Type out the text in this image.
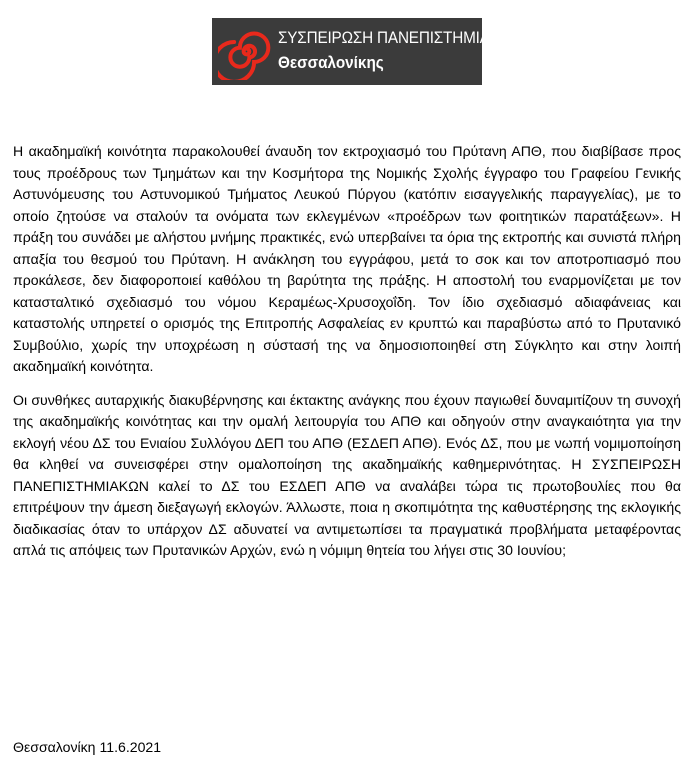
ΣΥΣΠΕΙΡΩΣΗ ΠΑΝΕΠΙΣΤΗΜΙΑΚΩΝ
Θεσσαλονίκης

Η ακαδημαϊκή κοινότητα παρακολουθεί άναυδη τον εκτροχιασμό του Πρύτανη ΑΠΘ, που διαβίβασε προς τους προέδρους των Τμημάτων και την Κοσμήτορα της Νομικής Σχολής έγγραφο του Γραφείου Γενικής Αστυνόμευσης του Αστυνομικού Τμήματος Λευκού Πύργου (κατόπιν εισαγγελικής παραγγελίας), με το οποίο ζητούσε να σταλούν τα ονόματα των εκλεγμένων «προέδρων των φοιτητικών παρατάξεων». Η πράξη του συνάδει με αλήστου μνήμης πρακτικές, ενώ υπερβαίνει τα όρια της εκτροπής και συνιστά πλήρη απαξία του θεσμού του Πρύτανη. Η ανάκληση του εγγράφου, μετά το σοκ και τον αποτροπιασμό που προκάλεσε, δεν διαφοροποιεί καθόλου τη βαρύτητα της πράξης. Η αποστολή του εναρμονίζεται με τον κατασταλτικό σχεδιασμό του νόμου Κεραμέως-Χρυσοχοΐδη. Τον ίδιο σχεδιασμό αδιαφάνειας και καταστολής υπηρετεί ο ορισμός της Επιτροπής Ασφαλείας εν κρυπτώ και παραβύστω από το Πρυτανικό Συμβούλιο, χωρίς την υποχρέωση η σύστασή της να δημοσιοποιηθεί στη Σύγκλητο και στην λοιπή ακαδημαϊκή κοινότητα.

Οι συνθήκες αυταρχικής διακυβέρνησης και έκτακτης ανάγκης που έχουν παγιωθεί δυναμιτίζουν τη συνοχή της ακαδημαϊκής κοινότητας και την ομαλή λειτουργία του ΑΠΘ και οδηγούν στην αναγκαιότητα για την εκλογή νέου ΔΣ του Ενιαίου Συλλόγου ΔΕΠ του ΑΠΘ (ΕΣΔΕΠ ΑΠΘ). Ενός ΔΣ, που με νωπή νομιμοποίηση θα κληθεί να συνεισφέρει στην ομαλοποίηση της ακαδημαϊκής καθημερινότητας. Η ΣΥΣΠΕΙΡΩΣΗ ΠΑΝΕΠΙΣΤΗΜΙΑΚΩΝ καλεί το ΔΣ του ΕΣΔΕΠ ΑΠΘ να αναλάβει τώρα τις πρωτοβουλίες που θα επιτρέψουν την άμεση διεξαγωγή εκλογών. Άλλωστε, ποια η σκοπιμότητα της καθυστέρησης της εκλογικής διαδικασίας όταν το υπάρχον ΔΣ αδυνατεί να αντιμετωπίσει τα πραγματικά προβλήματα μεταφέροντας απλά τις απόψεις των Πρυτανικών Αρχών, ενώ η νόμιμη θητεία του λήγει στις 30 Ιουνίου;

Θεσσαλονίκη 11.6.2021
